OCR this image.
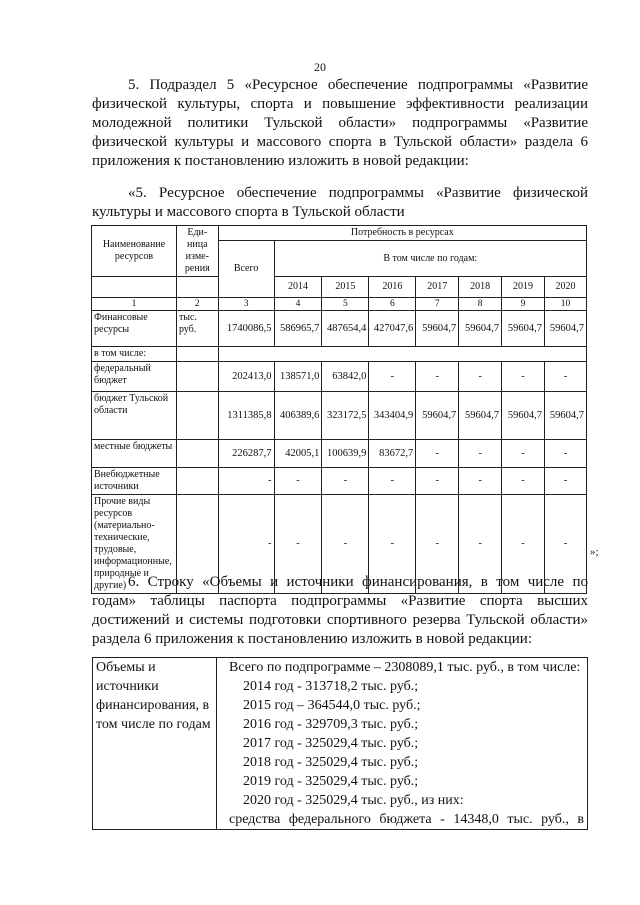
20

5. Подраздел 5 «Ресурсное обеспечение подпрограммы «Развитие физической культуры, спорта и повышение эффективности реализации молодежной политики Тульской области» подпрограммы «Развитие физической культуры и массового спорта в Тульской области» раздела 6 приложения к постановлению изложить в новой редакции:

«5. Ресурсное обеспечение подпрограммы «Развитие физической культуры и массового спорта в Тульской области

Наименование ресурсов	Еди- ница изме- рения	Потребность в ресурсах							
		Всего	В том числе по годам:						
			2014	2015	2016	2017	2018	2019	2020
1	2	3	4	5	6	7	8	9	10
Финансовые ресурсы	тыс. руб.	1740086,5	586965,7	487654,4	427047,6	59604,7	59604,7	59604,7	59604,7
в том числе:									
федеральный бюджет		202413,0	138571,0	63842,0	-	-	-	-	-
бюджет Тульской области		1311385,8	406389,6	323172,5	343404,9	59604,7	59604,7	59604,7	59604,7
местные бюджеты		226287,7	42005,1	100639,9	83672,7	-	-	-	-
Внебюджетные источники		-	-	-	-	-	-	-	-
Прочие виды ресурсов (материально-технические, трудовые, информационные, природные и другие)		-	-	-	-	-	-	-	-
»;

6. Строку «Объемы и источники финансирования, в том числе по годам» таблицы паспорта подпрограммы «Развитие спорта высших достижений и системы подготовки спортивного резерва Тульской области» раздела 6 приложения к постановлению изложить в новой редакции:

Объемы и источники финансирования, в том числе по годам	
Всего по подпрограмме – 2308089,1 тыс. руб., в том числе:
2014 год - 313718,2 тыс. руб.;
2015 год – 364544,0 тыс. руб.;
2016 год - 329709,3 тыс. руб.;
2017 год - 325029,4 тыс. руб.;
2018 год - 325029,4 тыс. руб.;
2019 год - 325029,4 тыс. руб.;
2020 год - 325029,4 тыс. руб., из них:
средства федерального бюджета - 14348,0 тыс. руб., в
